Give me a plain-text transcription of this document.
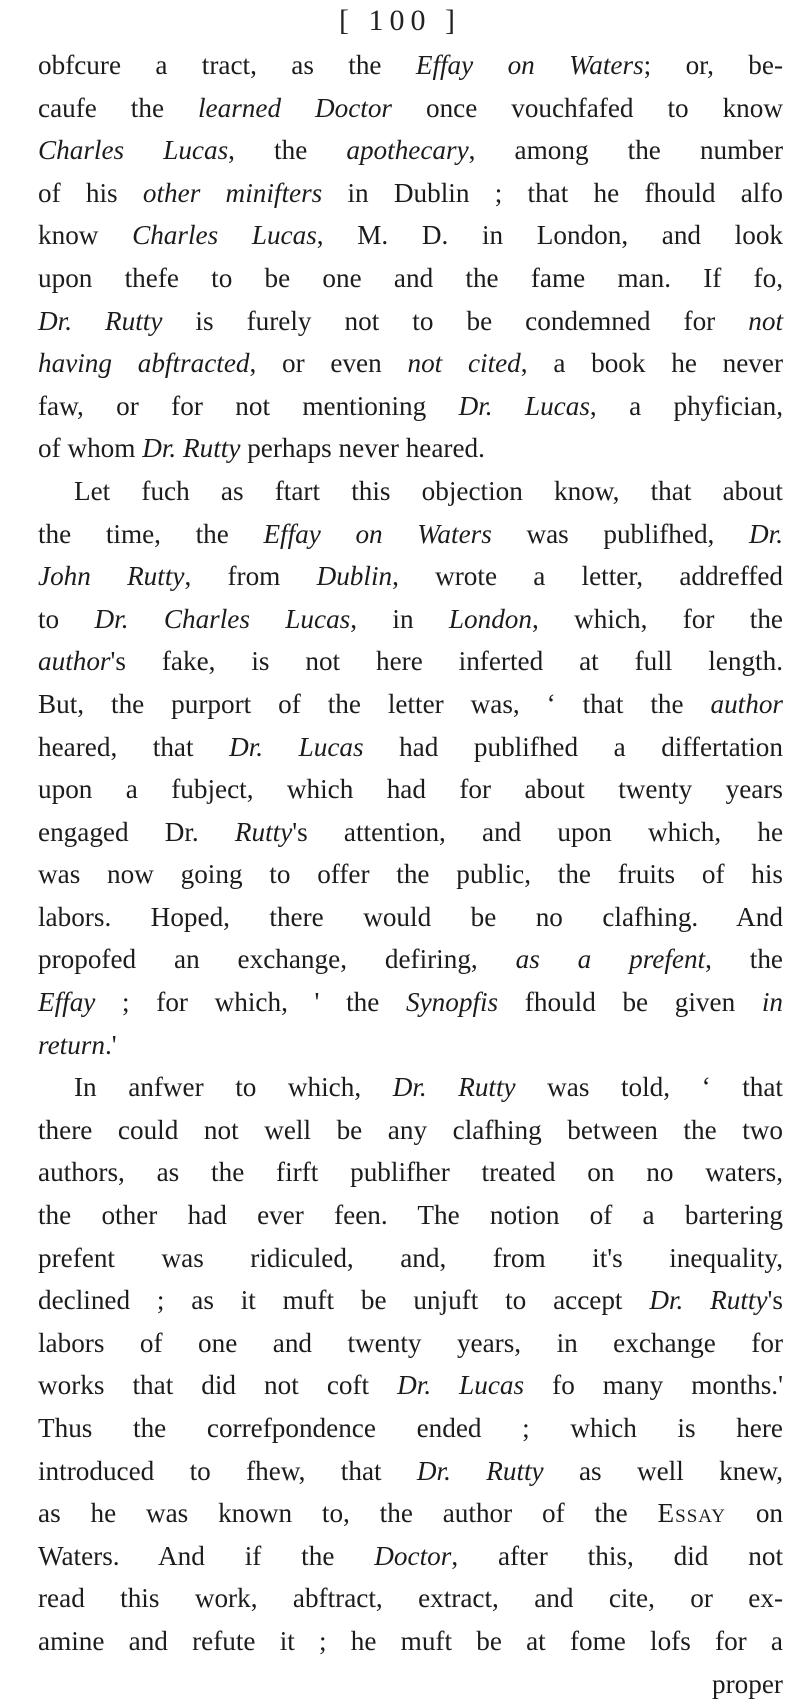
[ 100 ]
obfcure a tract, as the Effay on Waters; or, be-
caufe the learned Doctor once vouchfafed to know
Charles Lucas, the apothecary, among the number
of his other minifters in Dublin ; that he fhould alfo
know Charles Lucas, M. D. in London, and look
upon thefe to be one and the fame man. If fo,
Dr. Rutty is furely not to be condemned for not
having abftracted, or even not cited, a book he never
faw, or for not mentioning Dr. Lucas, a phyfician,
of whom Dr. Rutty perhaps never heared.
Let fuch as ftart this objection know, that about
the time, the Effay on Waters was publifhed, Dr.
John Rutty, from Dublin, wrote a letter, addreffed
to Dr. Charles Lucas, in London, which, for the
author's fake, is not here inferted at full length.
But, the purport of the letter was, ‘ that the author
heared, that Dr. Lucas had publifhed a differtation
upon a fubject, which had for about twenty years
engaged Dr. Rutty's attention, and upon which, he
was now going to offer the public, the fruits of his
labors. Hoped, there would be no clafhing. And
propofed an exchange, defiring, as a prefent, the
Effay ; for which, ' the Synopfis fhould be given in
return.'
In anfwer to which, Dr. Rutty was told, ‘ that
there could not well be any clafhing between the two
authors, as the firft publifher treated on no waters,
the other had ever feen. The notion of a bartering
prefent was ridiculed, and, from it's inequality,
declined ; as it muft be unjuft to accept Dr. Rutty's
labors of one and twenty years, in exchange for
works that did not coft Dr. Lucas fo many months.'
Thus the correfpondence ended ; which is here
introduced to fhew, that Dr. Rutty as well knew,
as he was known to, the author of the Essay on
Waters. And if the Doctor, after this, did not
read this work, abftract, extract, and cite, or ex-
amine and refute it ; he muft be at fome lofs for a
proper
